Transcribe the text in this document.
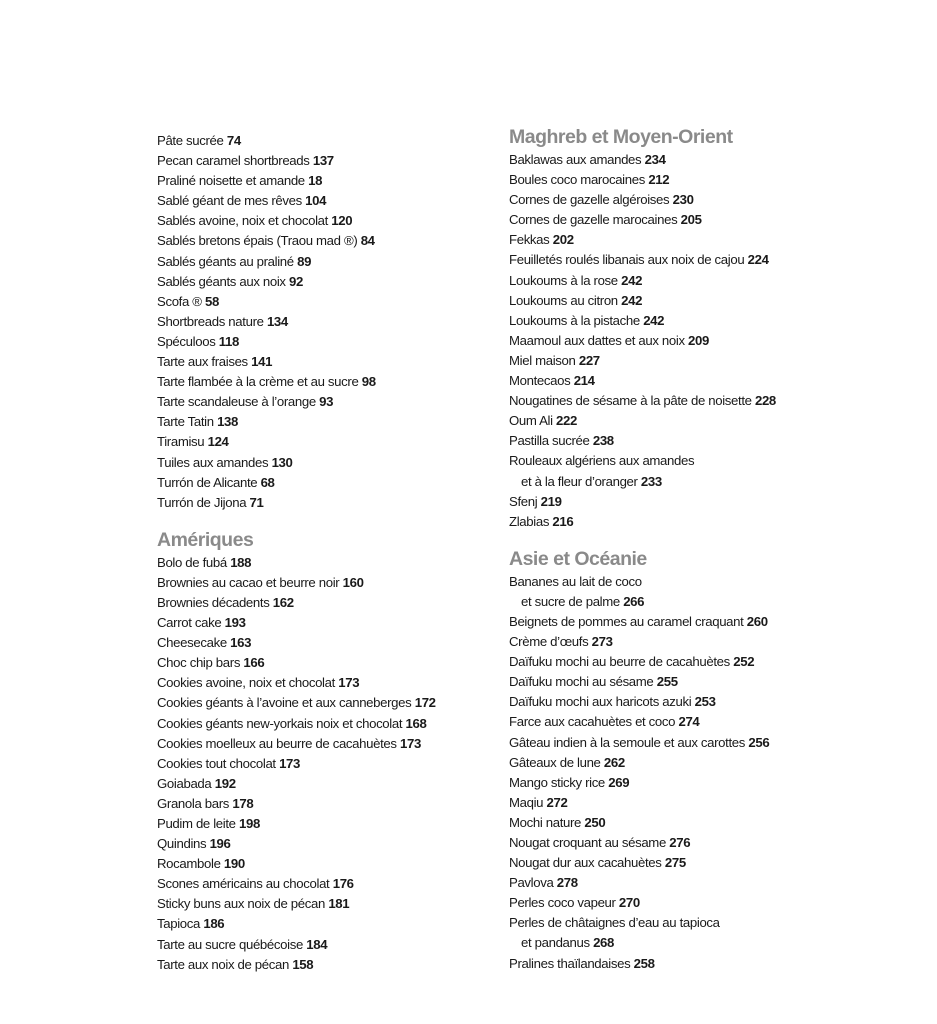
Pâte sucrée 74
Pecan caramel shortbreads 137
Praliné noisette et amande 18
Sablé géant de mes rêves 104
Sablés avoine, noix et chocolat 120
Sablés bretons épais (Traou mad ®) 84
Sablés géants au praliné 89
Sablés géants aux noix 92
Scofa ® 58
Shortbreads nature 134
Spéculoos 118
Tarte aux fraises 141
Tarte flambée à la crème et au sucre 98
Tarte scandaleuse à l’orange 93
Tarte Tatin 138
Tiramisu 124
Tuiles aux amandes 130
Turrón de Alicante 68
Turrón de Jijona 71
Amériques
Bolo de fubá 188
Brownies au cacao et beurre noir 160
Brownies décadents 162
Carrot cake 193
Cheesecake 163
Choc chip bars 166
Cookies avoine, noix et chocolat 173
Cookies géants à l’avoine et aux canneberges 172
Cookies géants new-yorkais noix et chocolat 168
Cookies moelleux au beurre de cacahuètes 173
Cookies tout chocolat 173
Goiabada 192
Granola bars 178
Pudim de leite 198
Quindins 196
Rocambole 190
Scones américains au chocolat 176
Sticky buns aux noix de pécan 181
Tapioca 186
Tarte au sucre québécoise 184
Tarte aux noix de pécan 158
Maghreb et Moyen-Orient
Baklawas aux amandes 234
Boules coco marocaines 212
Cornes de gazelle algéroises 230
Cornes de gazelle marocaines 205
Fekkas 202
Feuilletés roulés libanais aux noix de cajou 224
Loukoums à la rose 242
Loukoums au citron 242
Loukoums à la pistache 242
Maamoul aux dattes et aux noix 209
Miel maison 227
Montecaos 214
Nougatines de sésame à la pâte de noisette 228
Oum Ali 222
Pastilla sucrée 238
Rouleaux algériens aux amandes
et à la fleur d’oranger 233
Sfenj 219
Zlabias 216
Asie et Océanie
Bananes au lait de coco
et sucre de palme 266
Beignets de pommes au caramel craquant 260
Crème d’œufs 273
Daïfuku mochi au beurre de cacahuètes 252
Daïfuku mochi au sésame 255
Daïfuku mochi aux haricots azuki 253
Farce aux cacahuètes et coco 274
Gâteau indien à la semoule et aux carottes 256
Gâteaux de lune 262
Mango sticky rice 269
Maqiu 272
Mochi nature 250
Nougat croquant au sésame 276
Nougat dur aux cacahuètes 275
Pavlova 278
Perles coco vapeur 270
Perles de châtaignes d’eau au tapioca
et pandanus 268
Pralines thaïlandaises 258
